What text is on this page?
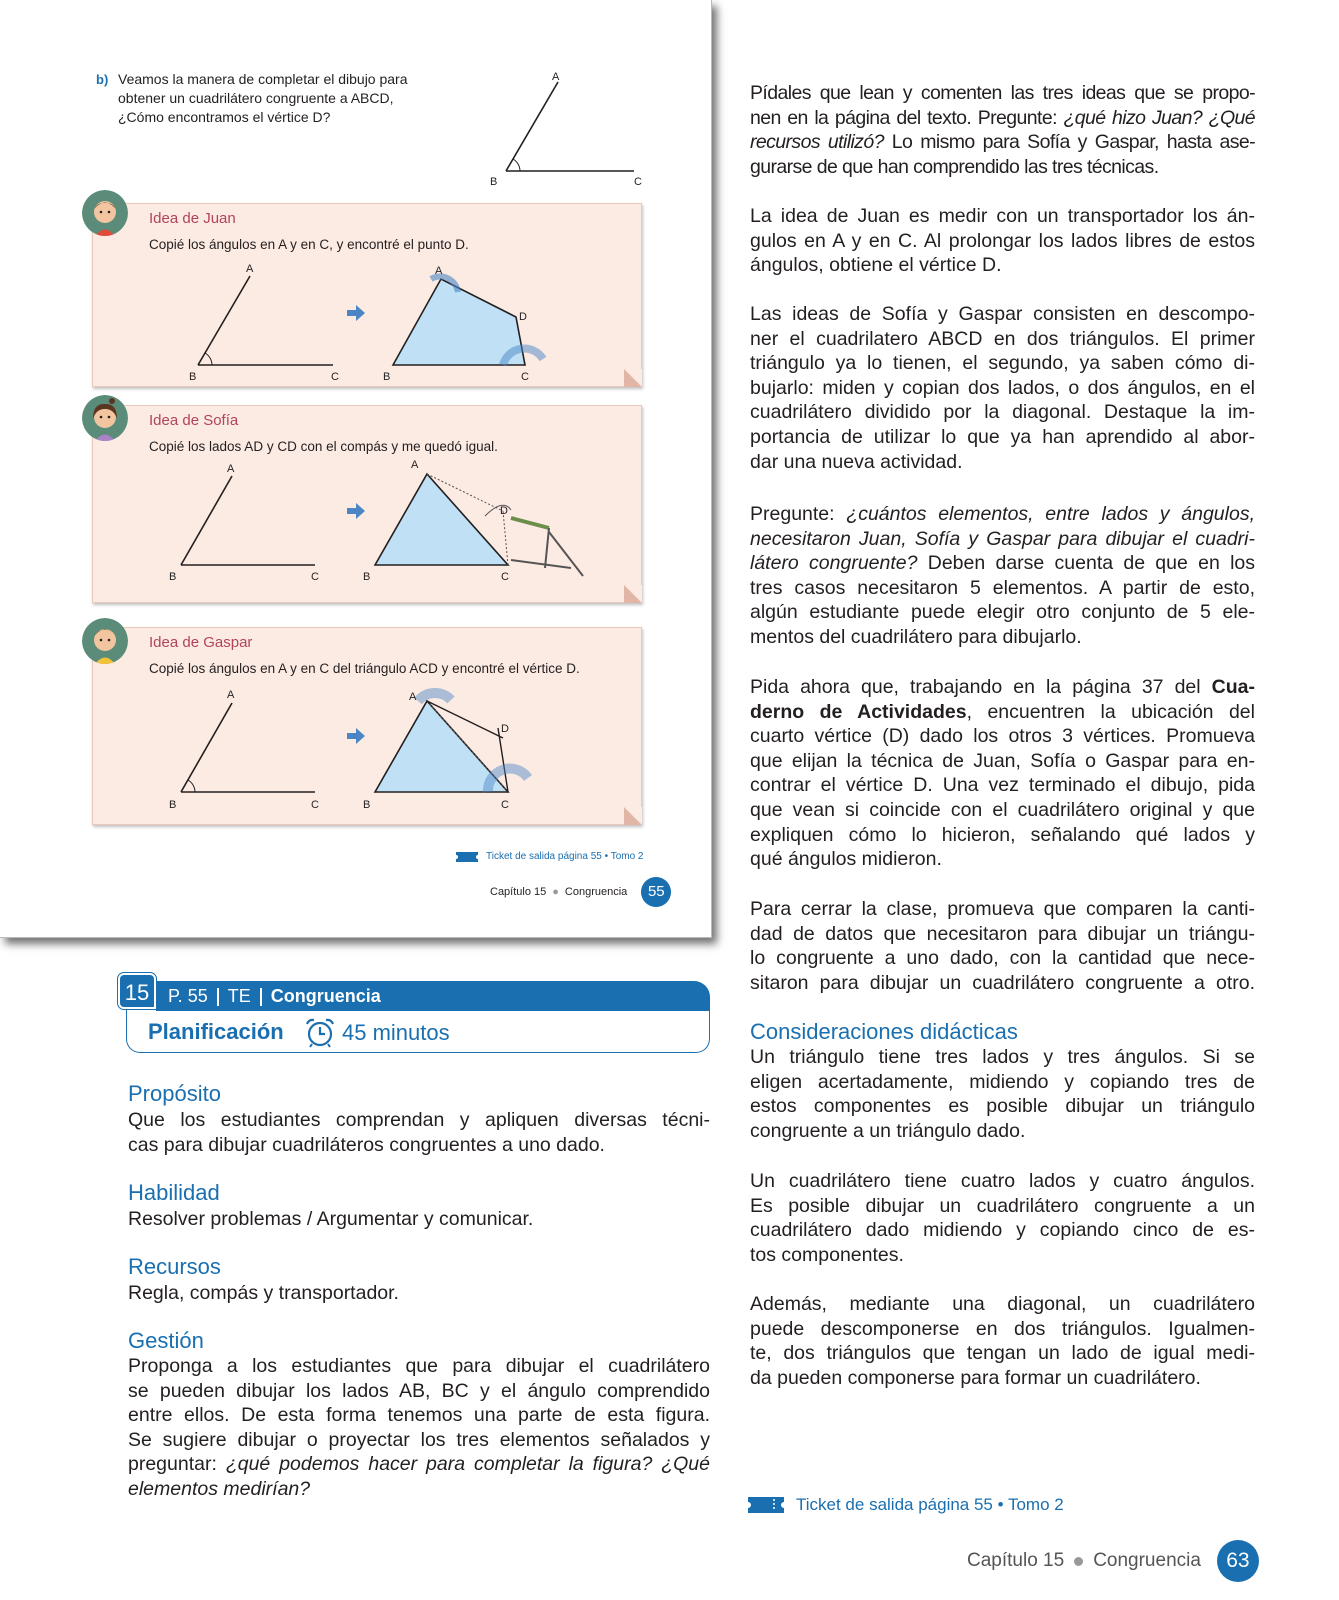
b) Veamos la manera de completar el dibujo para
obtener un cuadrilátero congruente a ABCD,
¿Cómo encontramos el vértice D?
A
B	C
Idea de Juan
Copié los ángulos en A y en C, y encontré el punto D.
A
B	C
A
D
B	C
Idea de Sofía
Copié los lados AD y CD con el compás y me quedó igual.
A
B	C
A
D
B	C
Idea de Gaspar
Copié los ángulos en A y en C del triángulo ACD y encontré el vértice D.
A
B	C
A
D
B	C
Ticket de salida página 55 • Tomo 2
Capítulo 15 ● Congruencia	55
P. 55 TE Congruencia
15
Planificación	45 minutos
Propósito
Que los estudiantes comprendan y apliquen diversas técni-
cas para dibujar cuadriláteros congruentes a uno dado.
Habilidad
Resolver problemas / Argumentar y comunicar.
Recursos
Regla, compás y transportador.
Gestión
Proponga a los estudiantes que para dibujar el cuadrilátero
se pueden dibujar los lados AB, BC y el ángulo comprendido
entre ellos. De esta forma tenemos una parte de esta figura.
Se sugiere dibujar o proyectar los tres elementos señalados y
preguntar: ¿qué podemos hacer para completar la figura? ¿Qué
elementos medirían?
Pídales que lean y comenten las tres ideas que se propo-
nen en la página del texto. Pregunte: ¿qué hizo Juan? ¿Qué
recursos utilizó? Lo mismo para Sofía y Gaspar, hasta ase-
gurarse de que han comprendido las tres técnicas.
La idea de Juan es medir con un transportador los án-
gulos en A y en C. Al prolongar los lados libres de estos
ángulos, obtiene el vértice D.
Las ideas de Sofía y Gaspar consisten en descompo-
ner el cuadrilatero ABCD en dos triángulos. El primer
triángulo ya lo tienen, el segundo, ya saben cómo di-
bujarlo: miden y copian dos lados, o dos ángulos, en el
cuadrilátero dividido por la diagonal. Destaque la im-
portancia de utilizar lo que ya han aprendido al abor-
dar una nueva actividad.
Pregunte: ¿cuántos elementos, entre lados y ángulos,
necesitaron Juan, Sofía y Gaspar para dibujar el cuadri-
látero congruente? Deben darse cuenta de que en los
tres casos necesitaron 5 elementos. A partir de esto,
algún estudiante puede elegir otro conjunto de 5 ele-
mentos del cuadrilátero para dibujarlo.
Pida ahora que, trabajando en la página 37 del Cua-
derno de Actividades, encuentren la ubicación del
cuarto vértice (D) dado los otros 3 vértices. Promueva
que elijan la técnica de Juan, Sofía o Gaspar para en-
contrar el vértice D. Una vez terminado el dibujo, pida
que vean si coincide con el cuadrilátero original y que
expliquen cómo lo hicieron, señalando qué lados y
qué ángulos midieron.
Para cerrar la clase, promueva que comparen la canti-
dad de datos que necesitaron para dibujar un triángu-
lo congruente a uno dado, con la cantidad que nece-
sitaron para dibujar un cuadrilátero congruente a otro.
Consideraciones didácticas
Un triángulo tiene tres lados y tres ángulos. Si se
eligen acertadamente, midiendo y copiando tres de
estos componentes es posible dibujar un triángulo
congruente a un triángulo dado.
Un cuadrilátero tiene cuatro lados y cuatro ángulos.
Es posible dibujar un cuadrilátero congruente a un
cuadrilátero dado midiendo y copiando cinco de es-
tos componentes.
Además, mediante una diagonal, un cuadrilátero
puede descomponerse en dos triángulos. Igualmen-
te, dos triángulos que tengan un lado de igual medi-
da pueden componerse para formar un cuadrilátero.
Ticket de salida página 55 • Tomo 2
Capítulo 15 Congruencia	63
